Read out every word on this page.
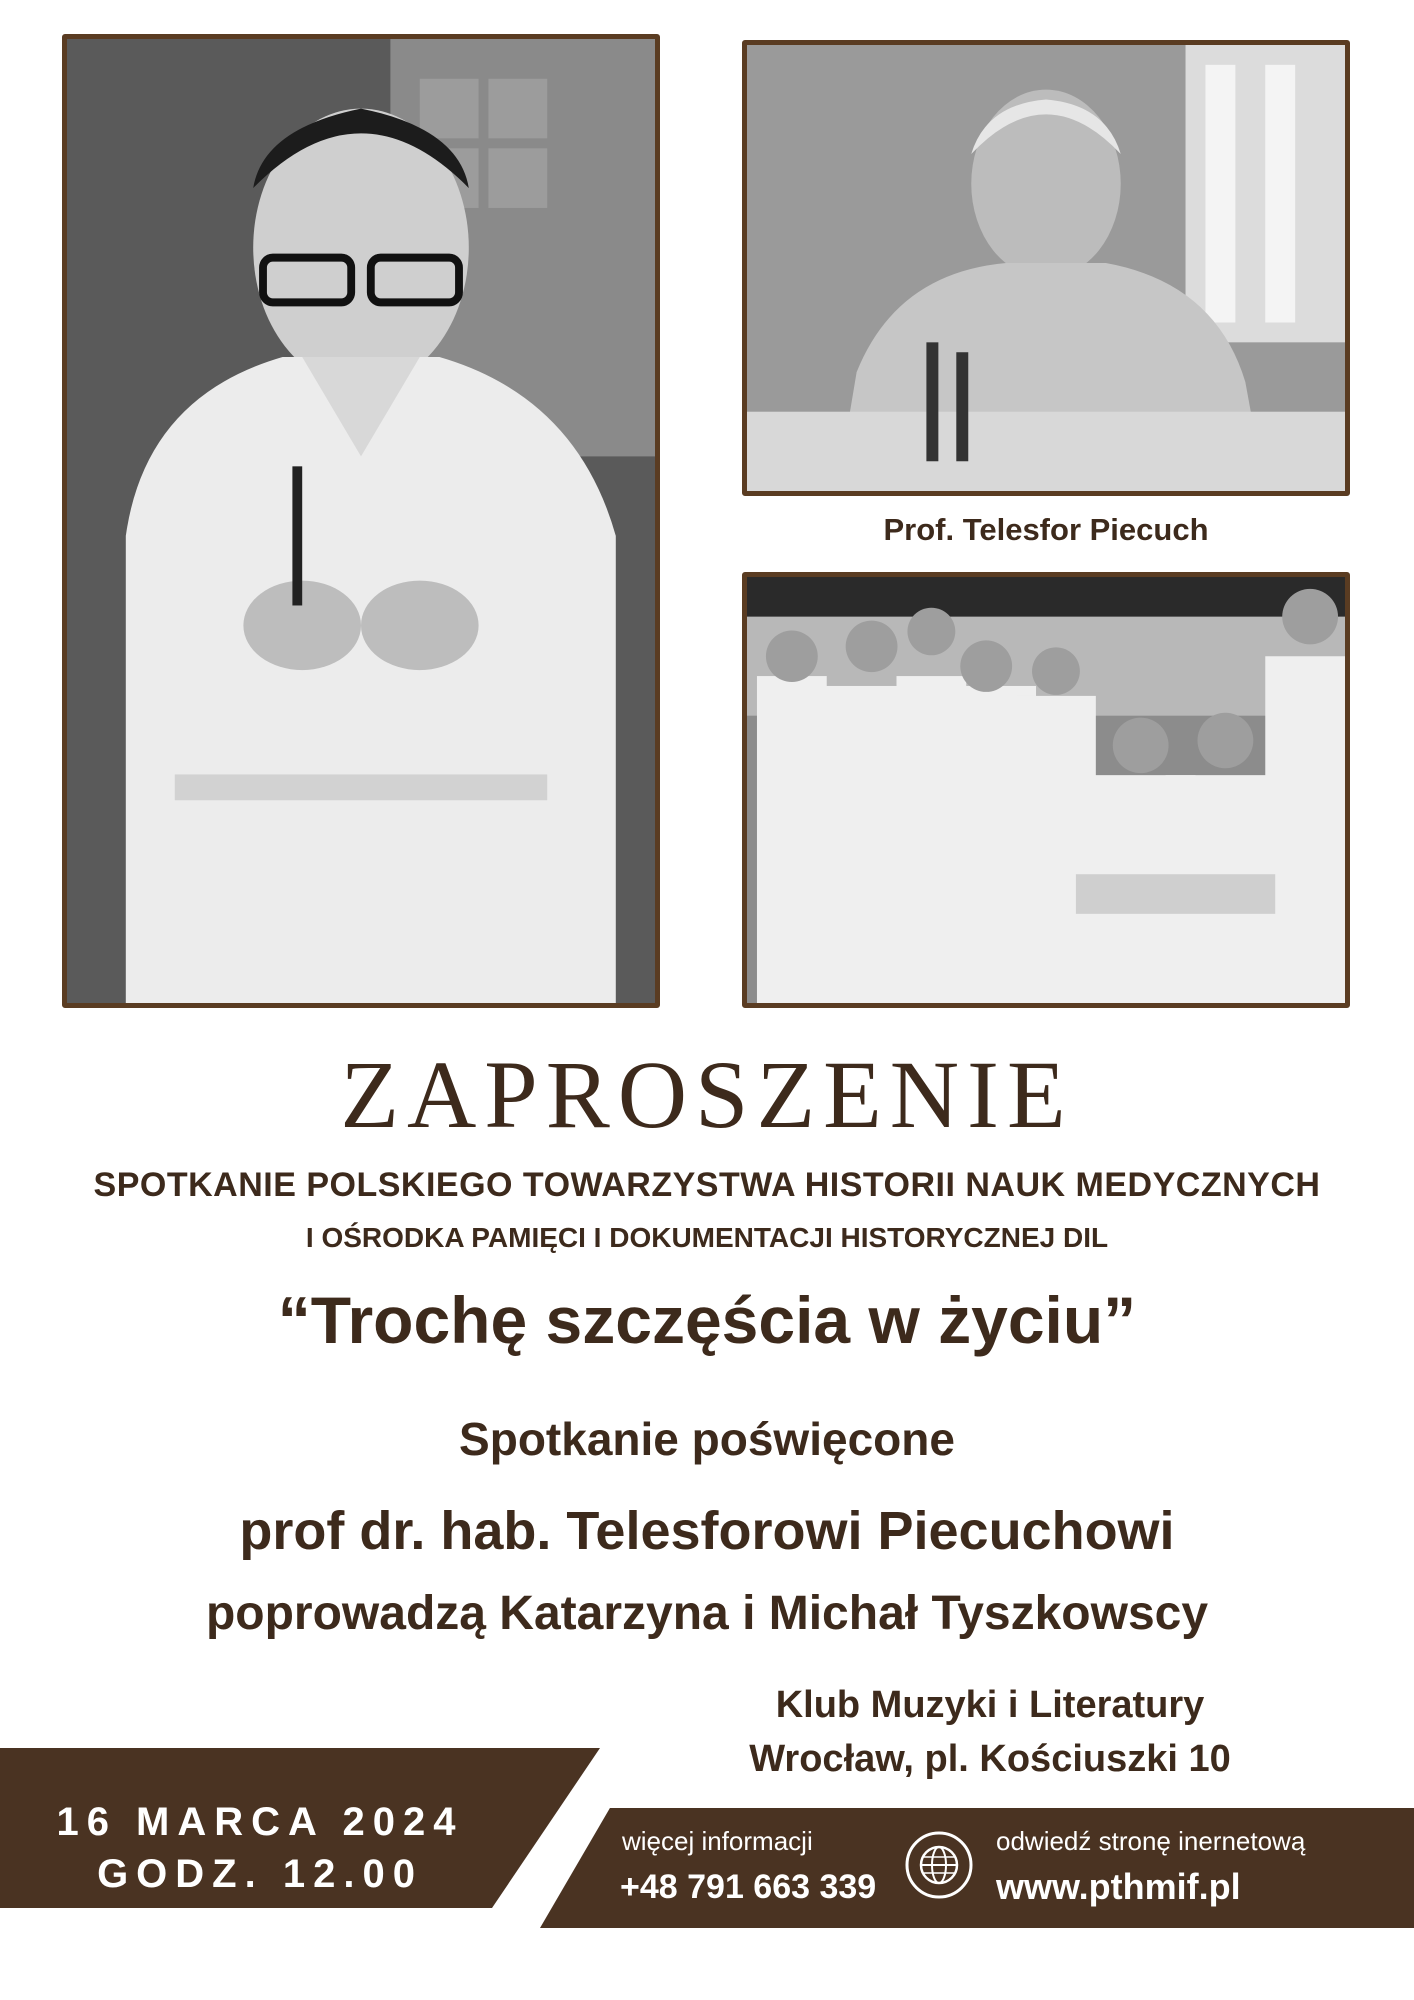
Prof. Telesfor Piecuch
ZAPROSZENIE
SPOTKANIE POLSKIEGO TOWARZYSTWA HISTORII NAUK MEDYCZNYCH
I OŚRODKA PAMIĘCI I DOKUMENTACJI HISTORYCZNEJ DIL
“Trochę szczęścia w życiu”
Spotkanie poświęcone
prof dr. hab. Telesforowi Piecuchowi
poprowadzą Katarzyna i Michał Tyszkowscy
Klub Muzyki i Literatury
Wrocław, pl. Kościuszki 10
16 MARCA 2024
GODZ. 12.00
więcej informacji
+48 791 663 339
odwiedź stronę inernetową
www.pthmif.pl
